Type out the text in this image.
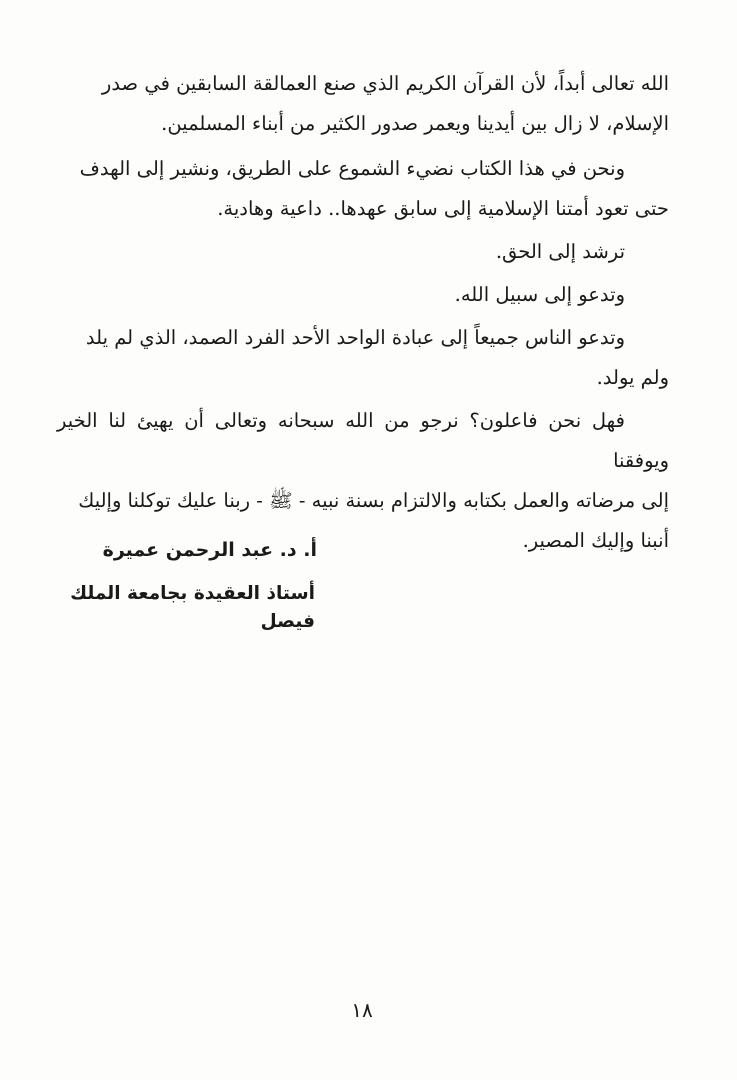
الله تعالى أبداً، لأن القرآن الكريم الذي صنع العمالقة السابقين في صدر
الإسلام، لا زال بين أيدينا ويعمر صدور الكثير من أبناء المسلمين.

ونحن في هذا الكتاب نضيء الشموع على الطريق، ونشير إلى الهدف
حتى تعود أمتنا الإسلامية إلى سابق عهدها.. داعية وهادية.

ترشد إلى الحق.

وتدعو إلى سبيل الله.

وتدعو الناس جميعاً إلى عبادة الواحد الأحد الفرد الصمد، الذي لم يلد
ولم يولد.

فهل نحن فاعلون؟ نرجو من الله سبحانه وتعالى أن يهيئ لنا الخير ويوفقنا
إلى مرضاته والعمل بكتابه والالتزام بسنة نبيه - ﷺ - ربنا عليك توكلنا وإليك
أنبنا وإليك المصير.

أ. د. عبد الرحمن عميرة
أستاذ العقيدة بجامعة الملك فيصل
١٨
